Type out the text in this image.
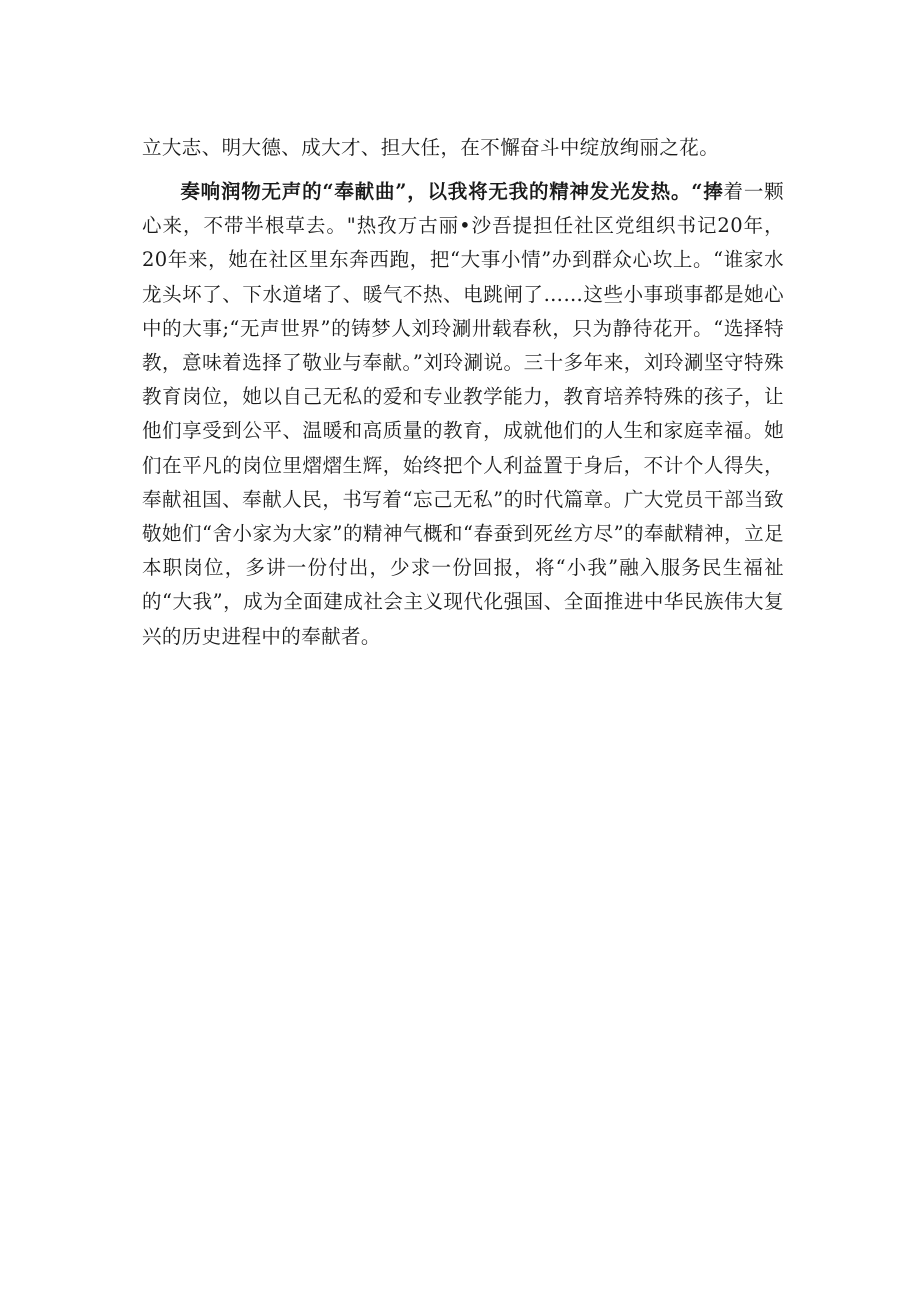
立大志、明大德、成大才、担大任，在不懈奋斗中绽放绚丽之花。

奏响润物无声的“奉献曲”，以我将无我的精神发光发热。“捧着一颗心来，不带半根草去。"热孜万古丽•沙吾提担任社区党组织书记20年，20年来，她在社区里东奔西跑，把“大事小情”办到群众心坎上。“谁家水龙头坏了、下水道堵了、暖气不热、电跳闸了……这些小事琐事都是她心中的大事;“无声世界”的铸梦人刘玲涮卅载春秋，只为静待花开。“选择特教，意味着选择了敬业与奉献。”刘玲涮说。三十多年来，刘玲涮坚守特殊教育岗位，她以自己无私的爱和专业教学能力，教育培养特殊的孩子，让他们享受到公平、温暖和高质量的教育，成就他们的人生和家庭幸福。她们在平凡的岗位里熠熠生辉，始终把个人利益置于身后，不计个人得失，奉献祖国、奉献人民，书写着“忘己无私”的时代篇章。广大党员干部当致敬她们“舍小家为大家”的精神气概和“春蚕到死丝方尽”的奉献精神，立足本职岗位，多讲一份付出，少求一份回报，将“小我”融入服务民生福祉的“大我”，成为全面建成社会主义现代化强国、全面推进中华民族伟大复兴的历史进程中的奉献者。
